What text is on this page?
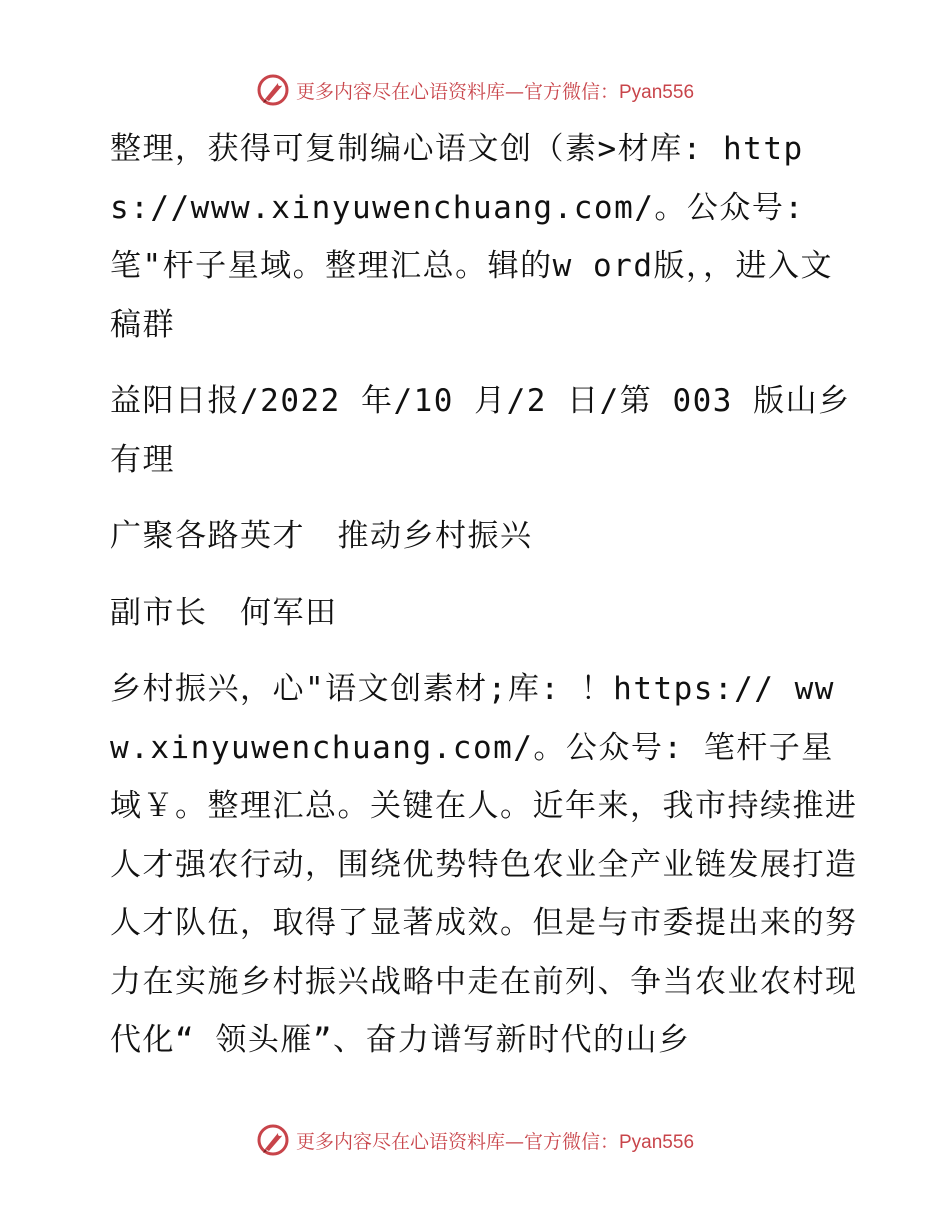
更多内容尽在心语资料库—官方微信：Pyan556

整理，获得可复制编心语文创（素>材库: https://www.xinyuwenchuang.com/。公众号: 笔"杆子星域。整理汇总。辑的w ord版，，进入文稿群

益阳日报/2022 年/10 月/2 日/第 003 版山乡有理

广聚各路英才　推动乡村振兴

副市长　何军田

乡村振兴，心"语文创素材;库: ！https:// www.xinyuwenchuang.com/。公众号: 笔杆子星域￥。整理汇总。关键在人。近年来，我市持续推进人才强农行动，围绕优势特色农业全产业链发展打造人才队伍，取得了显著成效。但是与市委提出来的努力在实施乡村振兴战略中走在前列、争当农业农村现代化“ 领头雁”、奋力谱写新时代的山乡

更多内容尽在心语资料库—官方微信：Pyan556
